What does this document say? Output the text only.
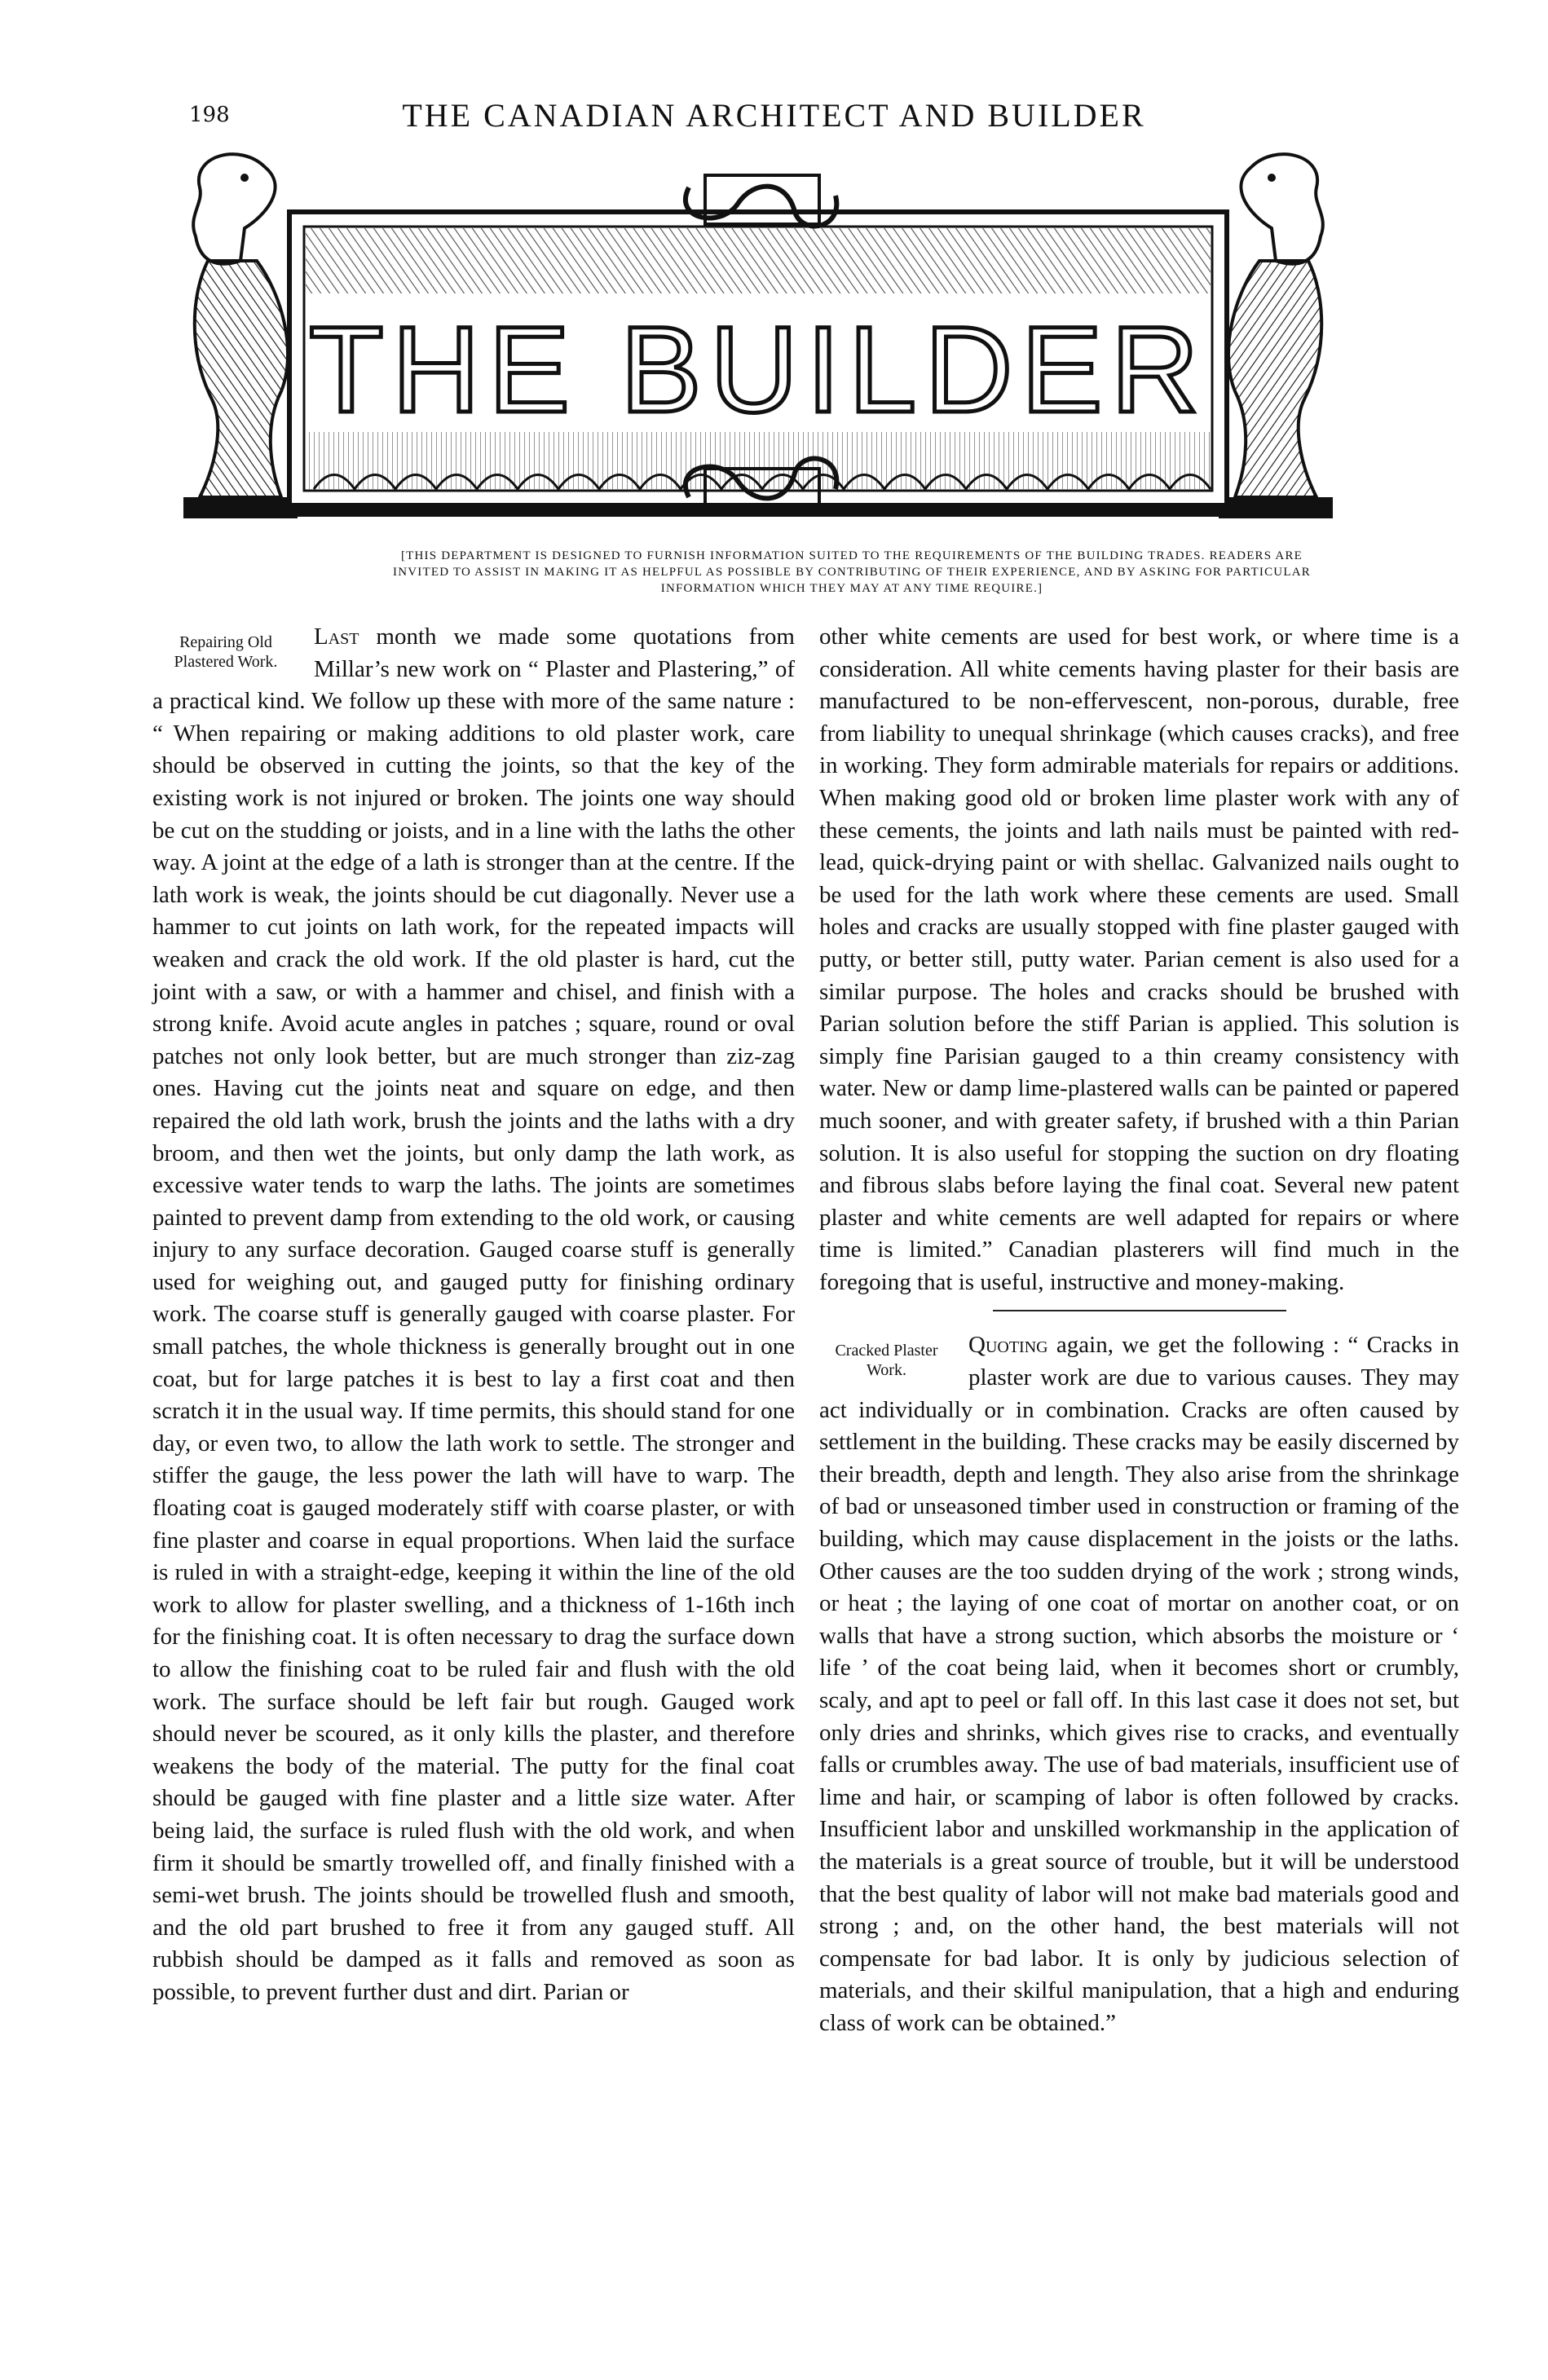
198	THE CANADIAN ARCHITECT AND BUILDER
THE BUILDER
[THIS DEPARTMENT IS DESIGNED TO FURNISH INFORMATION SUITED TO THE REQUIREMENTS OF THE BUILDING TRADES. READERS ARE INVITED TO ASSIST IN MAKING IT AS HELPFUL AS POSSIBLE BY CONTRIBUTING OF THEIR EXPERIENCE, AND BY ASKING FOR PARTICULAR INFORMATION WHICH THEY MAY AT ANY TIME REQUIRE.]
Repairing Old Plastered Work.

Last month we made some quotations from Millar’s new work on “ Plaster and Plastering,” of a practical kind. We follow up these with more of the same nature : “ When repairing or making additions to old plaster work, care should be observed in cutting the joints, so that the key of the existing work is not injured or broken. The joints one way should be cut on the studding or joists, and in a line with the laths the other way. A joint at the edge of a lath is stronger than at the centre. If the lath work is weak, the joints should be cut diagonally. Never use a hammer to cut joints on lath work, for the repeated impacts will weaken and crack the old work. If the old plaster is hard, cut the joint with a saw, or with a hammer and chisel, and finish with a strong knife. Avoid acute angles in patches ; square, round or oval patches not only look better, but are much stronger than ziz-zag ones. Having cut the joints neat and square on edge, and then repaired the old lath work, brush the joints and the laths with a dry broom, and then wet the joints, but only damp the lath work, as excessive water tends to warp the laths. The joints are sometimes painted to prevent damp from extending to the old work, or causing injury to any surface decoration. Gauged coarse stuff is generally used for weighing out, and gauged putty for finishing ordinary work. The coarse stuff is generally gauged with coarse plaster. For small patches, the whole thickness is generally brought out in one coat, but for large patches it is best to lay a first coat and then scratch it in the usual way. If time permits, this should stand for one day, or even two, to allow the lath work to settle. The stronger and stiffer the gauge, the less power the lath will have to warp. The floating coat is gauged moderately stiff with coarse plaster, or with fine plaster and coarse in equal proportions. When laid the surface is ruled in with a straight-edge, keeping it within the line of the old work to allow for plaster swelling, and a thickness of 1-16th inch for the finishing coat. It is often necessary to drag the surface down to allow the finishing coat to be ruled fair and flush with the old work. The surface should be left fair but rough. Gauged work should never be scoured, as it only kills the plaster, and therefore weakens the body of the material. The putty for the final coat should be gauged with fine plaster and a little size water. After being laid, the surface is ruled flush with the old work, and when firm it should be smartly trowelled off, and finally finished with a semi-wet brush. The joints should be trowelled flush and smooth, and the old part brushed to free it from any gauged stuff. All rubbish should be damped as it falls and removed as soon as possible, to prevent further dust and dirt. Parian or

other white cements are used for best work, or where time is a consideration. All white cements having plaster for their basis are manufactured to be non-effervescent, non-porous, durable, free from liability to unequal shrinkage (which causes cracks), and free in working. They form admirable materials for repairs or additions. When making good old or broken lime plaster work with any of these cements, the joints and lath nails must be painted with red-lead, quick-drying paint or with shellac. Galvanized nails ought to be used for the lath work where these cements are used. Small holes and cracks are usually stopped with fine plaster gauged with putty, or better still, putty water. Parian cement is also used for a similar purpose. The holes and cracks should be brushed with Parian solution before the stiff Parian is applied. This solution is simply fine Parisian gauged to a thin creamy consistency with water. New or damp lime-plastered walls can be painted or papered much sooner, and with greater safety, if brushed with a thin Parian solution. It is also useful for stopping the suction on dry floating and fibrous slabs before laying the final coat. Several new patent plaster and white cements are well adapted for repairs or where time is limited.” Canadian plasterers will find much in the foregoing that is useful, instructive and money-making.

Cracked Plaster Work.

Quoting again, we get the following : “ Cracks in plaster work are due to various causes. They may act individually or in combination. Cracks are often caused by settlement in the building. These cracks may be easily discerned by their breadth, depth and length. They also arise from the shrinkage of bad or unseasoned timber used in construction or framing of the building, which may cause displacement in the joists or the laths. Other causes are the too sudden drying of the work ; strong winds, or heat ; the laying of one coat of mortar on another coat, or on walls that have a strong suction, which absorbs the moisture or ‘ life ’ of the coat being laid, when it becomes short or crumbly, scaly, and apt to peel or fall off. In this last case it does not set, but only dries and shrinks, which gives rise to cracks, and eventually falls or crumbles away. The use of bad materials, insufficient use of lime and hair, or scamping of labor is often followed by cracks. Insufficient labor and unskilled workmanship in the application of the materials is a great source of trouble, but it will be understood that the best quality of labor will not make bad materials good and strong ; and, on the other hand, the best materials will not compensate for bad labor. It is only by judicious selection of materials, and their skilful manipulation, that a high and enduring class of work can be obtained.”
